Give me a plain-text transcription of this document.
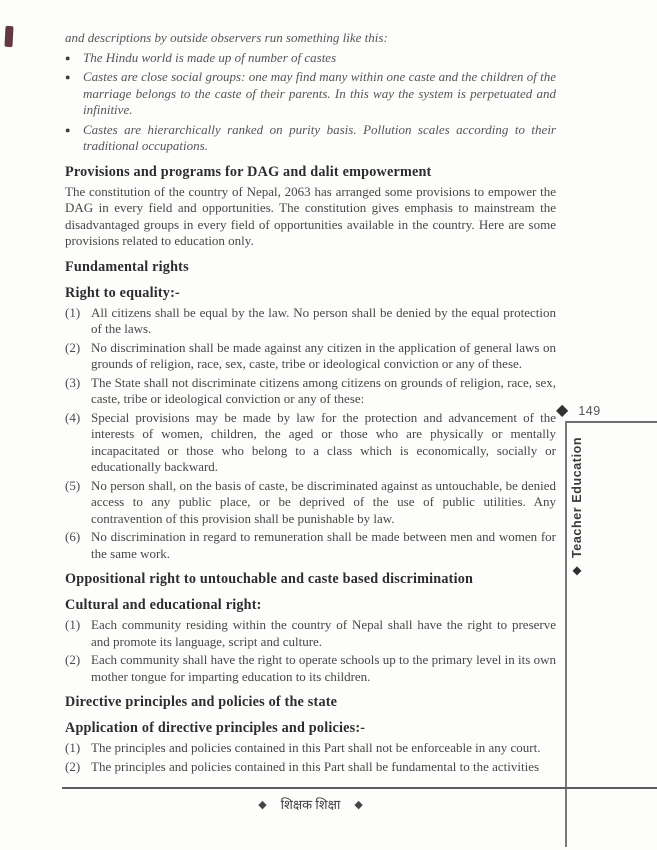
and descriptions by outside observers run something like this:

● The Hindu world is made up of number of castes
● Castes are close social groups: one may find many within one caste and the children of the marriage belongs to the caste of their parents. In this way the system is perpetuated and infinitive.
● Castes are hierarchically ranked on purity basis. Pollution scales according to their traditional occupations.
Provisions and programs for DAG and dalit empowerment

The constitution of the country of Nepal, 2063 has arranged some provisions to empower the DAG in every field and opportunities. The constitution gives emphasis to mainstream the disadvantaged groups in every field of opportunities available in the country. Here are some provisions related to education only.

Fundamental rights
Right to equality:-
(1) All citizens shall be equal by the law. No person shall be denied by the equal protection of the laws.
(2) No discrimination shall be made against any citizen in the application of general laws on grounds of religion, race, sex, caste, tribe or ideological conviction or any of these.
(3) The State shall not discriminate citizens among citizens on grounds of religion, race, sex, caste, tribe or ideological conviction or any of these:
(4) Special provisions may be made by law for the protection and advancement of the interests of women, children, the aged or those who are physically or mentally incapacitated or those who belong to a class which is economically, socially or educationally backward.
(5) No person shall, on the basis of caste, be discriminated against as untouchable, be denied access to any public place, or be deprived of the use of public utilities. Any contravention of this provision shall be punishable by law.
(6) No discrimination in regard to remuneration shall be made between men and women for the same work.
Oppositional right to untouchable and caste based discrimination
Cultural and educational right:
(1) Each community residing within the country of Nepal shall have the right to preserve and promote its language, script and culture.
(2) Each community shall have the right to operate schools up to the primary level in its own mother tongue for imparting education to its children.
Directive principles and policies of the state
Application of directive principles and policies:-
(1) The principles and policies contained in this Part shall not be enforceable in any court.
(2) The principles and policies contained in this Part shall be fundamental to the activities
◆ 149
◆
Teacher Education
◆ शिक्षक शिक्षा ◆
